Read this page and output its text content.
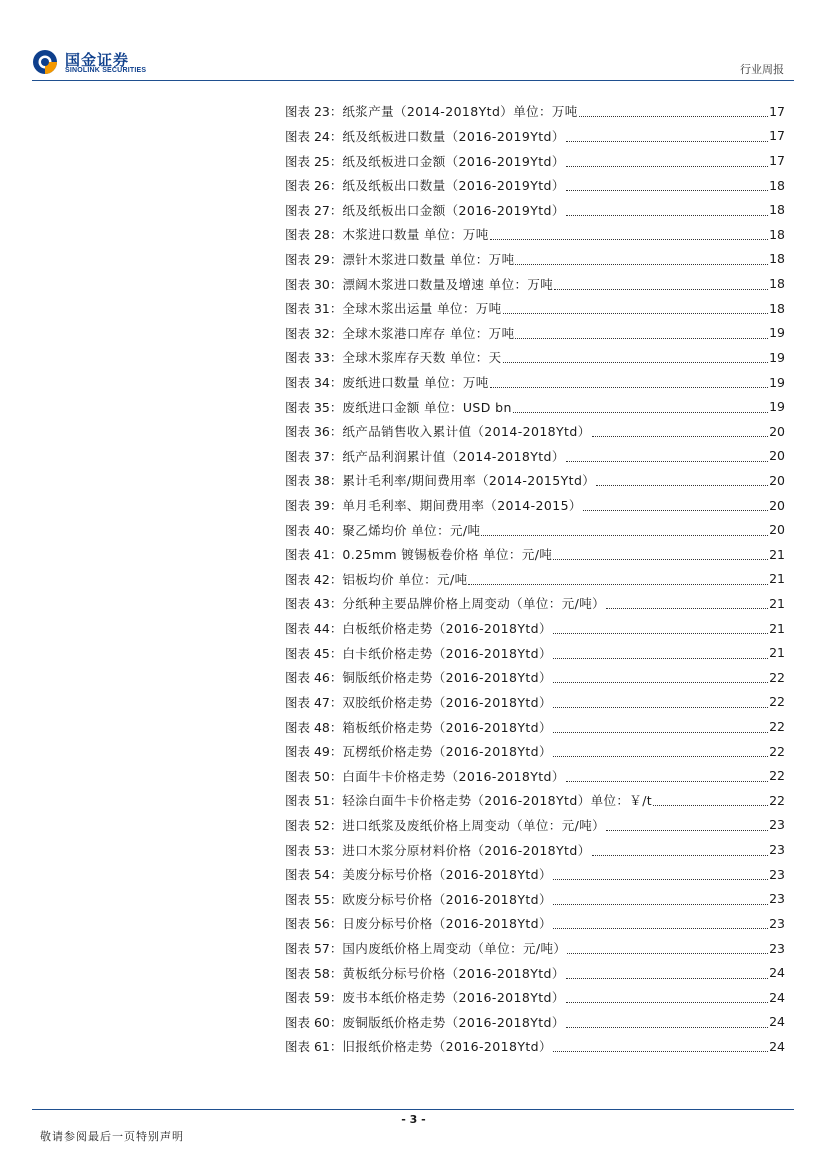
国金证券
SINOLINK SECURITIES	行业周报
图表 23： 纸浆产量（2014-2018Ytd）单位：万吨	17
图表 24： 纸及纸板进口数量（2016-2019Ytd）	17
图表 25： 纸及纸板进口金额（2016-2019Ytd）	17
图表 26： 纸及纸板出口数量（2016-2019Ytd）	18
图表 27： 纸及纸板出口金额（2016-2019Ytd）	18
图表 28： 木浆进口数量 单位：万吨	18
图表 29： 漂针木浆进口数量 单位：万吨	18
图表 30： 漂阔木浆进口数量及增速 单位：万吨	18
图表 31： 全球木浆出运量 单位：万吨	18
图表 32： 全球木浆港口库存 单位：万吨	19
图表 33： 全球木浆库存天数 单位：天	19
图表 34： 废纸进口数量 单位：万吨	19
图表 35： 废纸进口金额 单位：USD bn	19
图表 36： 纸产品销售收入累计值（2014-2018Ytd）	20
图表 37： 纸产品利润累计值（2014-2018Ytd）	20
图表 38： 累计毛利率/期间费用率（2014-2015Ytd）	20
图表 39： 单月毛利率、期间费用率（2014-2015）	20
图表 40： 聚乙烯均价 单位：元/吨	20
图表 41： 0.25mm 镀锡板卷价格 单位：元/吨	21
图表 42： 铝板均价 单位：元/吨	21
图表 43： 分纸种主要品牌价格上周变动（单位：元/吨）	21
图表 44： 白板纸价格走势（2016-2018Ytd）	21
图表 45： 白卡纸价格走势（2016-2018Ytd）	21
图表 46： 铜版纸价格走势（2016-2018Ytd）	22
图表 47： 双胶纸价格走势（2016-2018Ytd）	22
图表 48： 箱板纸价格走势（2016-2018Ytd）	22
图表 49： 瓦楞纸价格走势（2016-2018Ytd）	22
图表 50： 白面牛卡价格走势（2016-2018Ytd）	22
图表 51： 轻涂白面牛卡价格走势（2016-2018Ytd）单位：￥/t	22
图表 52： 进口纸浆及废纸价格上周变动（单位：元/吨）	23
图表 53： 进口木浆分原材料价格（2016-2018Ytd）	23
图表 54： 美废分标号价格（2016-2018Ytd）	23
图表 55： 欧废分标号价格（2016-2018Ytd）	23
图表 56： 日废分标号价格（2016-2018Ytd）	23
图表 57： 国内废纸价格上周变动（单位：元/吨）	23
图表 58： 黄板纸分标号价格（2016-2018Ytd）	24
图表 59： 废书本纸价格走势（2016-2018Ytd）	24
图表 60： 废铜版纸价格走势（2016-2018Ytd）	24
图表 61： 旧报纸价格走势（2016-2018Ytd）	24
- 3 -
敬请参阅最后一页特别声明
